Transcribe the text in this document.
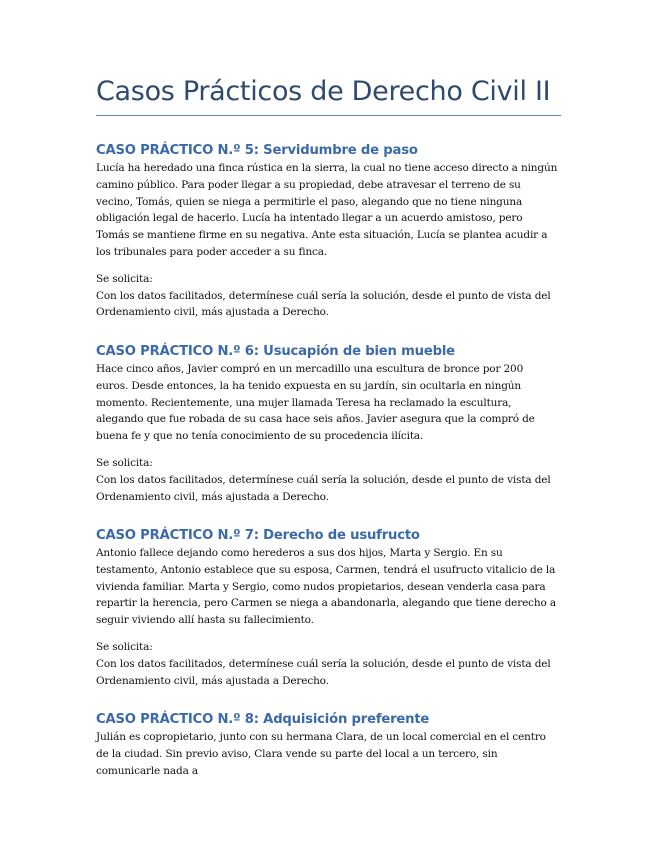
Casos Prácticos de Derecho Civil II
CASO PRÁCTICO N.º 5: Servidumbre de paso

Lucía ha heredado una finca rústica en la sierra, la cual no tiene acceso directo a ningún camino público. Para poder llegar a su propiedad, debe atravesar el terreno de su vecino, Tomás, quien se niega a permitirle el paso, alegando que no tiene ninguna obligación legal de hacerlo. Lucía ha intentado llegar a un acuerdo amistoso, pero Tomás se mantiene firme en su negativa. Ante esta situación, Lucía se plantea acudir a los tribunales para poder acceder a su finca.

Se solicita:

Con los datos facilitados, determínese cuál sería la solución, desde el punto de vista del Ordenamiento civil, más ajustada a Derecho.

CASO PRÁCTICO N.º 6: Usucapión de bien mueble

Hace cinco años, Javier compró en un mercadillo una escultura de bronce por 200 euros. Desde entonces, la ha tenido expuesta en su jardín, sin ocultarla en ningún momento. Recientemente, una mujer llamada Teresa ha reclamado la escultura, alegando que fue robada de su casa hace seis años. Javier asegura que la compró de buena fe y que no tenía conocimiento de su procedencia ilícita.

Se solicita:

Con los datos facilitados, determínese cuál sería la solución, desde el punto de vista del Ordenamiento civil, más ajustada a Derecho.

CASO PRÁCTICO N.º 7: Derecho de usufructo

Antonio fallece dejando como herederos a sus dos hijos, Marta y Sergio. En su testamento, Antonio establece que su esposa, Carmen, tendrá el usufructo vitalicio de la vivienda familiar. Marta y Sergio, como nudos propietarios, desean venderla casa para repartir la herencia, pero Carmen se niega a abandonarla, alegando que tiene derecho a seguir viviendo allí hasta su fallecimiento.

Se solicita:

Con los datos facilitados, determínese cuál sería la solución, desde el punto de vista del Ordenamiento civil, más ajustada a Derecho.

CASO PRÁCTICO N.º 8: Adquisición preferente

Julián es copropietario, junto con su hermana Clara, de un local comercial en el centro de la ciudad. Sin previo aviso, Clara vende su parte del local a un tercero, sin comunicarle nada a
